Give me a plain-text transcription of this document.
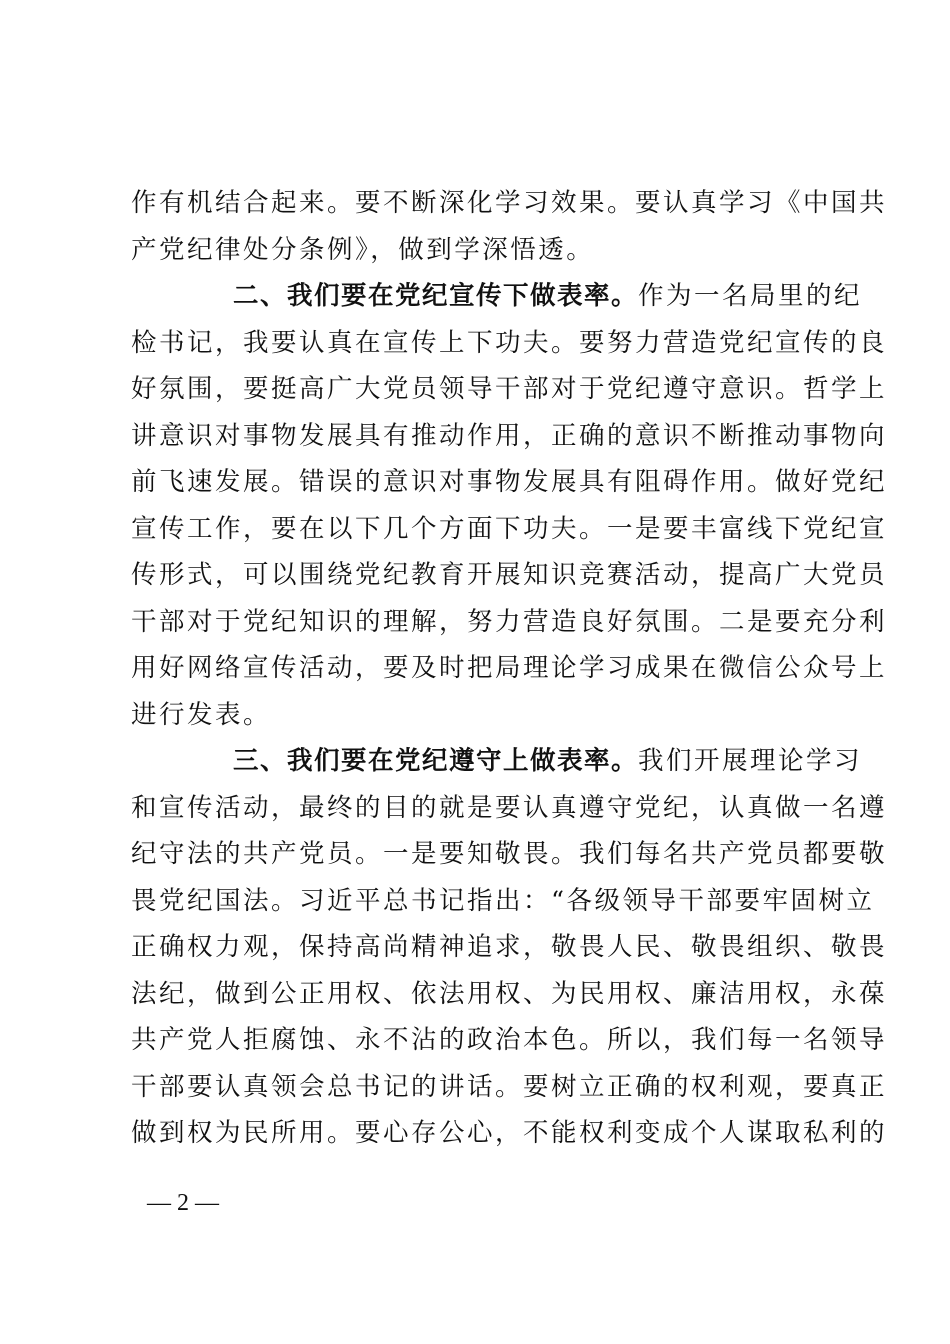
作有机结合起来。要不断深化学习效果。要认真学习《中国共
产党纪律处分条例》，做到学深悟透。
二、我们要在党纪宣传下做表率。作为一名局里的纪
检书记，我要认真在宣传上下功夫。要努力营造党纪宣传的良
好氛围，要挺高广大党员领导干部对于党纪遵守意识。哲学上
讲意识对事物发展具有推动作用，正确的意识不断推动事物向
前飞速发展。错误的意识对事物发展具有阻碍作用。做好党纪
宣传工作，要在以下几个方面下功夫。一是要丰富线下党纪宣
传形式，可以围绕党纪教育开展知识竞赛活动，提高广大党员
干部对于党纪知识的理解，努力营造良好氛围。二是要充分利
用好网络宣传活动，要及时把局理论学习成果在微信公众号上
进行发表。
三、我们要在党纪遵守上做表率。我们开展理论学习
和宣传活动，最终的目的就是要认真遵守党纪，认真做一名遵
纪守法的共产党员。一是要知敬畏。我们每名共产党员都要敬
畏党纪国法。习近平总书记指出：“各级领导干部要牢固树立
正确权力观，保持高尚精神追求，敬畏人民、敬畏组织、敬畏
法纪，做到公正用权、依法用权、为民用权、廉洁用权，永葆
共产党人拒腐蚀、永不沾的政治本色。所以，我们每一名领导
干部要认真领会总书记的讲话。要树立正确的权利观，要真正
做到权为民所用。要心存公心，不能权利变成个人谋取私利的
— 2 —
